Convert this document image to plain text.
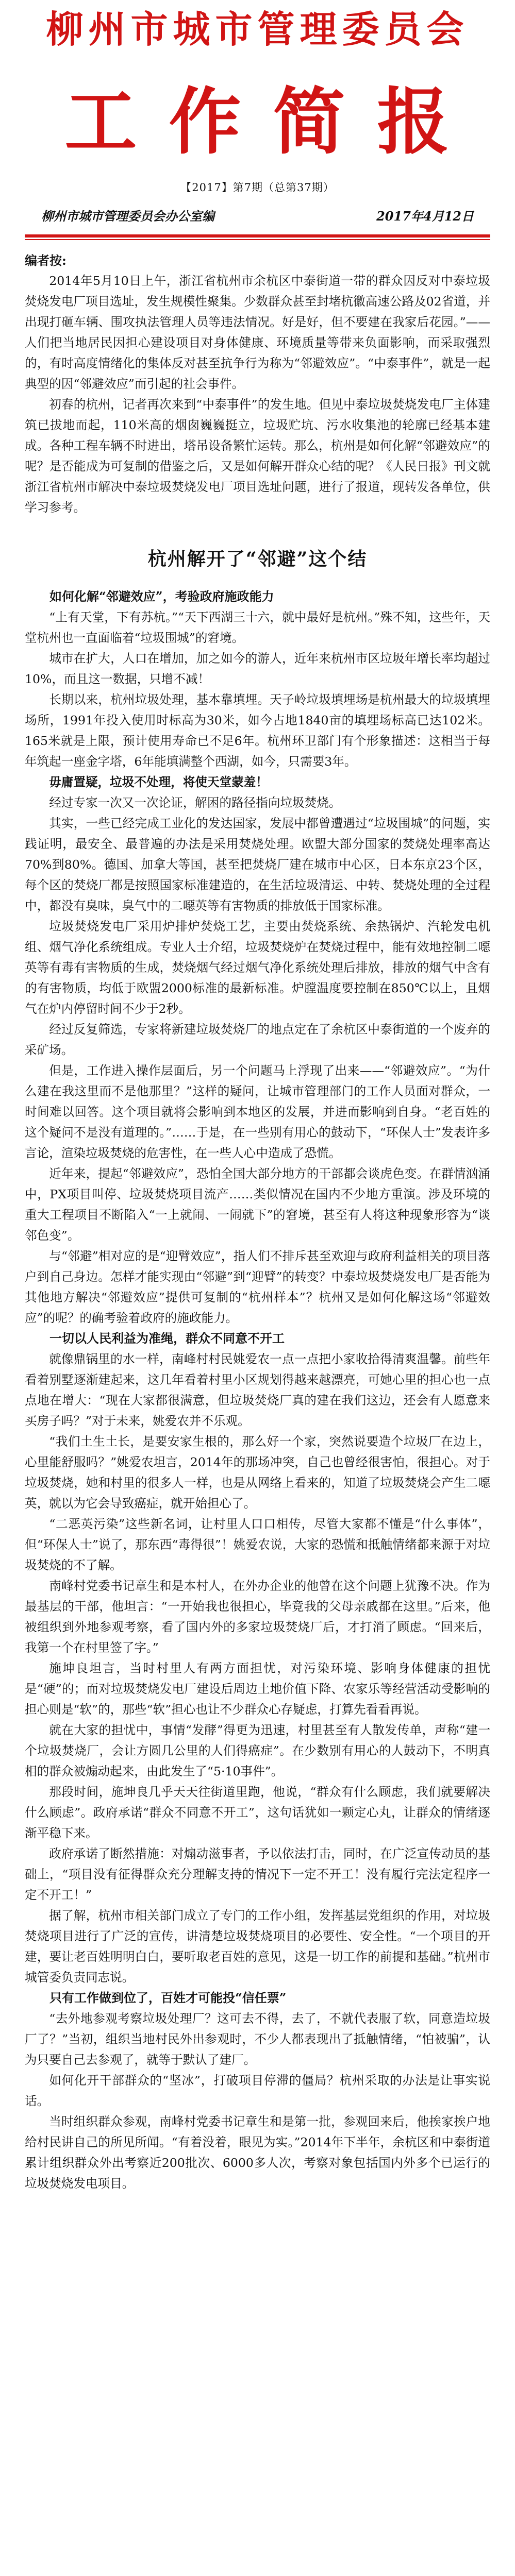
柳州市城市管理委员会
工作简报
【2017】第7期（总第37期）
柳州市城市管理委员会办公室编	2017年4月12日
编者按:

2014年5月10日上午，浙江省杭州市余杭区中泰街道一带的群众因反对中泰垃圾焚烧发电厂项目选址，发生规模性聚集。少数群众甚至封堵杭徽高速公路及02省道，并出现打砸车辆、围攻执法管理人员等违法情况。好是好，但不要建在我家后花园。”——人们把当地居民因担心建设项目对身体健康、环境质量等带来负面影响，而采取强烈的，有时高度情绪化的集体反对甚至抗争行为称为“邻避效应”。“中泰事件”，就是一起典型的因“邻避效应”而引起的社会事件。

初春的杭州，记者再次来到“中泰事件”的发生地。但见中泰垃圾焚烧发电厂主体建筑已拔地而起，110米高的烟囱巍巍挺立，垃圾贮坑、污水收集池的轮廓已经基本建成。各种工程车辆不时进出，塔吊设备繁忙运转。那么，杭州是如何化解“邻避效应”的呢？是否能成为可复制的借鉴之后，又是如何解开群众心结的呢？《人民日报》刊文就浙江省杭州市解决中泰垃圾焚烧发电厂项目选址问题，进行了报道，现转发各单位，供学习参考。

杭州解开了“邻避”这个结

如何化解“邻避效应”，考验政府施政能力

“上有天堂，下有苏杭。”“天下西湖三十六，就中最好是杭州。”殊不知，这些年，天堂杭州也一直面临着“垃圾围城”的窘境。

城市在扩大，人口在增加，加之如今的游人，近年来杭州市区垃圾年增长率均超过10%，而且这一数据，只增不减！

长期以来，杭州垃圾处理，基本靠填埋。天子岭垃圾填埋场是杭州最大的垃圾填埋场所，1991年投入使用时标高为30米，如今占地1840亩的填埋场标高已达102米。165米就是上限，预计使用寿命已不足6年。杭州环卫部门有个形象描述：这相当于每年筑起一座金字塔，6年能填满整个西湖，如今，只需要3年。

毋庸置疑，垃圾不处理，将使天堂蒙羞！

经过专家一次又一次论证，解困的路径指向垃圾焚烧。

其实，一些已经完成工业化的发达国家，发展中都曾遭遇过“垃圾围城”的问题，实践证明，最安全、最普遍的办法是采用焚烧处理。欧盟大部分国家的焚烧处理率高达70%到80%。德国、加拿大等国，甚至把焚烧厂建在城市中心区，日本东京23个区，每个区的焚烧厂都是按照国家标准建造的，在生活垃圾清运、中转、焚烧处理的全过程中，都没有臭味，臭气中的二噁英等有害物质的排放低于国家标准。

垃圾焚烧发电厂采用炉排炉焚烧工艺，主要由焚烧系统、余热锅炉、汽轮发电机组、烟气净化系统组成。专业人士介绍，垃圾焚烧炉在焚烧过程中，能有效地控制二噁英等有毒有害物质的生成，焚烧烟气经过烟气净化系统处理后排放，排放的烟气中含有的有害物质，均低于欧盟2000标准的最新标准。炉膛温度要控制在850℃以上，且烟气在炉内停留时间不少于2秒。

经过反复筛选，专家将新建垃圾焚烧厂的地点定在了余杭区中泰街道的一个废弃的采矿场。

但是，工作进入操作层面后，另一个问题马上浮现了出来——“邻避效应”。“为什么建在我这里而不是他那里？”这样的疑问，让城市管理部门的工作人员面对群众，一时间难以回答。这个项目就将会影响到本地区的发展，并进而影响到自身。“老百姓的这个疑问不是没有道理的。”……于是，在一些别有用心的鼓动下，“环保人士”发表许多言论，渲染垃圾焚烧的危害性，在一些人心中造成了恐慌。

近年来，提起“邻避效应”，恐怕全国大部分地方的干部都会谈虎色变。在群情汹涌中，PX项目叫停、垃圾焚烧项目流产……类似情况在国内不少地方重演。涉及环境的重大工程项目不断陷入“一上就闹、一闹就下”的窘境，甚至有人将这种现象形容为“谈邻色变”。

与“邻避”相对应的是“迎臂效应”，指人们不排斥甚至欢迎与政府利益相关的项目落户到自己身边。怎样才能实现由“邻避”到“迎臂”的转变？中泰垃圾焚烧发电厂是否能为其他地方解决“邻避效应”提供可复制的“杭州样本”？杭州又是如何化解这场“邻避效应”的呢？的确考验着政府的施政能力。

一切以人民利益为准绳，群众不同意不开工

就像鼎锅里的水一样，南峰村村民姚爱农一点一点把小家收拾得清爽温馨。前些年看着别墅逐渐建起来，这几年看着村里小区规划得越来越漂亮，可她心里的担心也一点点地在增大：“现在大家都很满意，但垃圾焚烧厂真的建在我们这边，还会有人愿意来买房子吗？”对于未来，姚爱农并不乐观。

“我们土生土长，是要安家生根的，那么好一个家，突然说要造个垃圾厂在边上，心里能舒服吗？”姚爱农坦言，2014年的那场冲突，自己也曾经很害怕，很担心。对于垃圾焚烧，她和村里的很多人一样，也是从网络上看来的，知道了垃圾焚烧会产生二噁英，就以为它会导致癌症，就开始担心了。

“二恶英污染”这些新名词，让村里人口口相传，尽管大家都不懂是“什么事体”，但“环保人士”说了，那东西“毒得很”！姚爱农说，大家的恐慌和抵触情绪都来源于对垃圾焚烧的不了解。

南峰村党委书记章生和是本村人，在外办企业的他曾在这个问题上犹豫不决。作为最基层的干部，他坦言：“一开始我也很担心，毕竟我的父母亲戚都在这里。”后来，他被组织到外地参观考察，看了国内外的多家垃圾焚烧厂后，才打消了顾虑。“回来后，我第一个在村里签了字。”

施坤良坦言，当时村里人有两方面担忧，对污染环境、影响身体健康的担忧是“硬”的；而对垃圾焚烧发电厂建设后周边土地价值下降、农家乐等经营活动受影响的担心则是“软”的，那些“软”担心也让不少群众心存疑虑，打算先看看再说。

就在大家的担忧中，事情“发酵”得更为迅速，村里甚至有人散发传单，声称“建一个垃圾焚烧厂，会让方圆几公里的人们得癌症”。在少数别有用心的人鼓动下，不明真相的群众被煽动起来，由此发生了“5·10事件”。

那段时间，施坤良几乎天天往街道里跑，他说，“群众有什么顾虑，我们就要解决什么顾虑”。政府承诺“群众不同意不开工”，这句话犹如一颗定心丸，让群众的情绪逐渐平稳下来。

政府承诺了断然措施：对煽动滋事者，予以依法打击，同时，在广泛宣传动员的基础上，“项目没有征得群众充分理解支持的情况下一定不开工！没有履行完法定程序一定不开工！”

据了解，杭州市相关部门成立了专门的工作小组，发挥基层党组织的作用，对垃圾焚烧项目进行了广泛的宣传，讲清楚垃圾焚烧项目的必要性、安全性。“一个项目的开建，要让老百姓明明白白，要听取老百姓的意见，这是一切工作的前提和基础。”杭州市城管委负责同志说。

只有工作做到位了，百姓才可能投“信任票”

“去外地参观考察垃圾处理厂？这可去不得，去了，不就代表服了软，同意造垃圾厂了？”当初，组织当地村民外出参观时，不少人都表现出了抵触情绪，“怕被骗”，认为只要自己去参观了，就等于默认了建厂。

如何化开干部群众的“坚冰”，打破项目停滞的僵局？杭州采取的办法是让事实说话。

当时组织群众参观，南峰村党委书记章生和是第一批，参观回来后，他挨家挨户地给村民讲自己的所见所闻。“有着没着，眼见为实。”2014年下半年，余杭区和中泰街道累计组织群众外出考察近200批次、6000多人次，考察对象包括国内外多个已运行的垃圾焚烧发电项目。
